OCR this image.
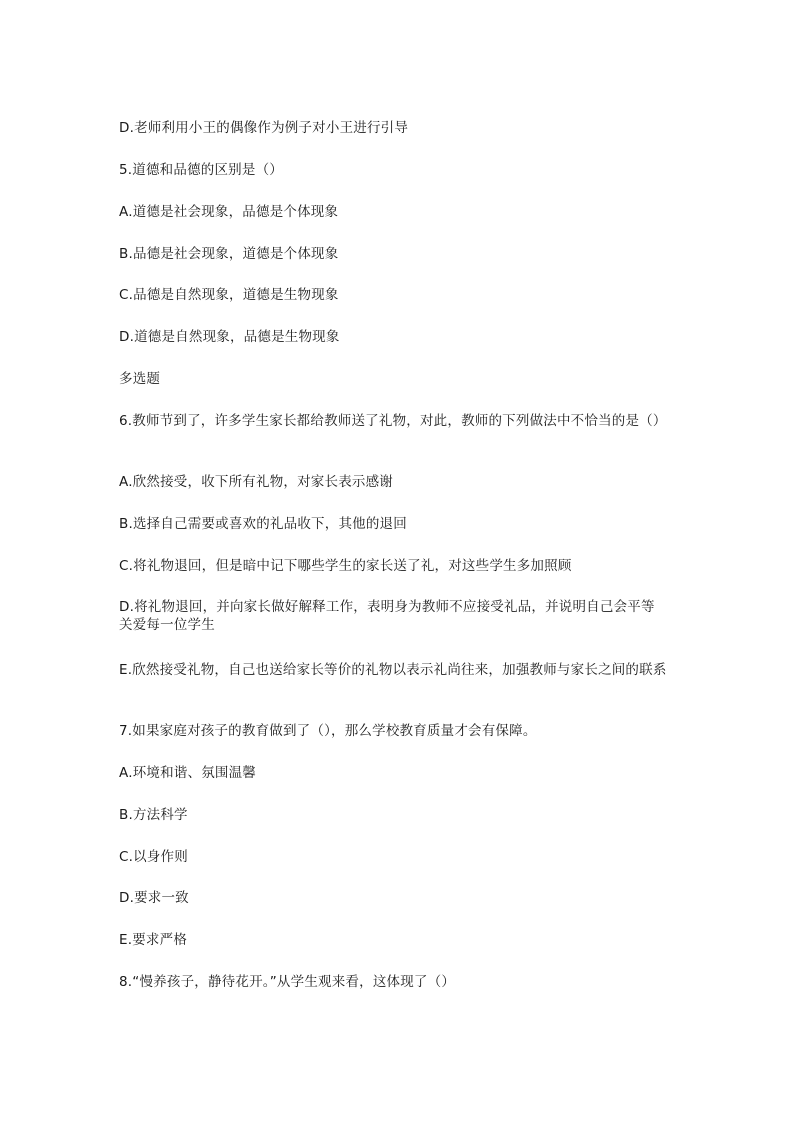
D.老师利用小王的偶像作为例子对小王进行引导
5.道德和品德的区别是（）
A.道德是社会现象，品德是个体现象
B.品德是社会现象，道德是个体现象
C.品德是自然现象，道德是生物现象
D.道德是自然现象，品德是生物现象
多选题
6.教师节到了，许多学生家长都给教师送了礼物，对此，教师的下列做法中不恰当的是（）
A.欣然接受，收下所有礼物，对家长表示感谢
B.选择自己需要或喜欢的礼品收下，其他的退回
C.将礼物退回，但是暗中记下哪些学生的家长送了礼，对这些学生多加照顾
D.将礼物退回，并向家长做好解释工作，表明身为教师不应接受礼品，并说明自己会平等关爱每一位学生
E.欣然接受礼物，自己也送给家长等价的礼物以表示礼尚往来，加强教师与家长之间的联系
7.如果家庭对孩子的教育做到了（），那么学校教育质量才会有保障。
A.环境和谐、氛围温馨
B.方法科学
C.以身作则
D.要求一致
E.要求严格
8.“慢养孩子，静待花开。”从学生观来看，这体现了（）
